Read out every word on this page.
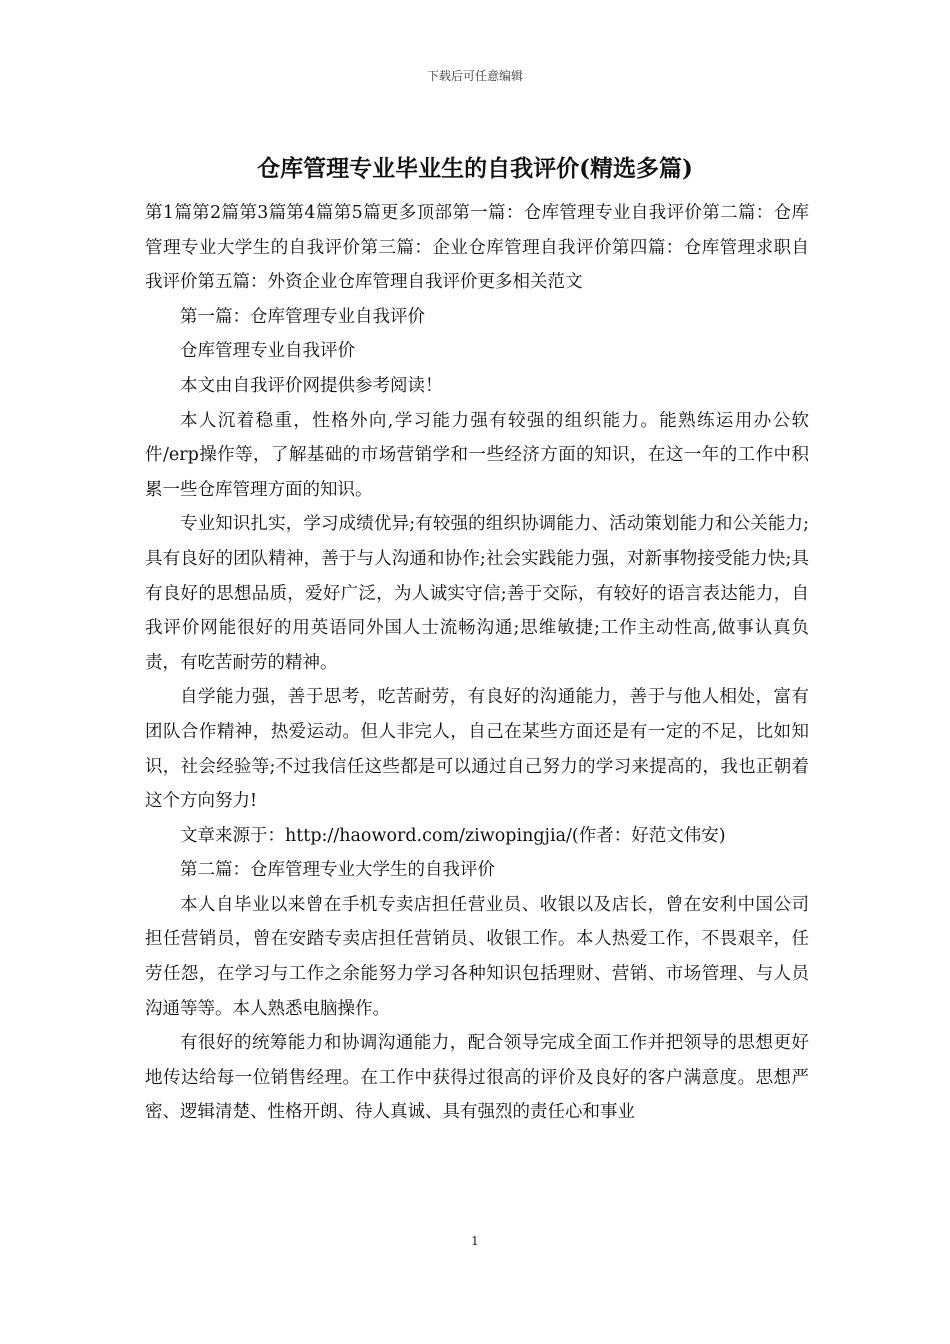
下载后可任意编辑
仓库管理专业毕业生的自我评价(精选多篇)

第1篇第2篇第3篇第4篇第5篇更多顶部第一篇：仓库管理专业自我评价第二篇：仓库管理专业大学生的自我评价第三篇：企业仓库管理自我评价第四篇：仓库管理求职自我评价第五篇：外资企业仓库管理自我评价更多相关范文

第一篇：仓库管理专业自我评价

仓库管理专业自我评价

本文由自我评价网提供参考阅读！

本人沉着稳重，性格外向,学习能力强有较强的组织能力。能熟练运用办公软件/erp操作等，了解基础的市场营销学和一些经济方面的知识，在这一年的工作中积累一些仓库管理方面的知识。

专业知识扎实，学习成绩优异;有较强的组织协调能力、活动策划能力和公关能力;具有良好的团队精神，善于与人沟通和协作;社会实践能力强，对新事物接受能力快;具有良好的思想品质，爱好广泛，为人诚实守信;善于交际，有较好的语言表达能力，自我评价网能很好的用英语同外国人士流畅沟通;思维敏捷;工作主动性高,做事认真负责，有吃苦耐劳的精神。

自学能力强，善于思考，吃苦耐劳，有良好的沟通能力，善于与他人相处，富有团队合作精神，热爱运动。但人非完人，自己在某些方面还是有一定的不足，比如知识，社会经验等;不过我信任这些都是可以通过自己努力的学习来提高的，我也正朝着这个方向努力!

文章来源于：http://haoword.com/ziwopingjia/(作者：好范文伟安)

第二篇：仓库管理专业大学生的自我评价

本人自毕业以来曾在手机专卖店担任营业员、收银以及店长，曾在安利中国公司担任营销员，曾在安踏专卖店担任营销员、收银工作。本人热爱工作，不畏艰辛，任劳任怨，在学习与工作之余能努力学习各种知识包括理财、营销、市场管理、与人员沟通等等。本人熟悉电脑操作。

有很好的统筹能力和协调沟通能力，配合领导完成全面工作并把领导的思想更好地传达给每一位销售经理。在工作中获得过很高的评价及良好的客户满意度。思想严密、逻辑清楚、性格开朗、待人真诚、具有强烈的责任心和事业

1
